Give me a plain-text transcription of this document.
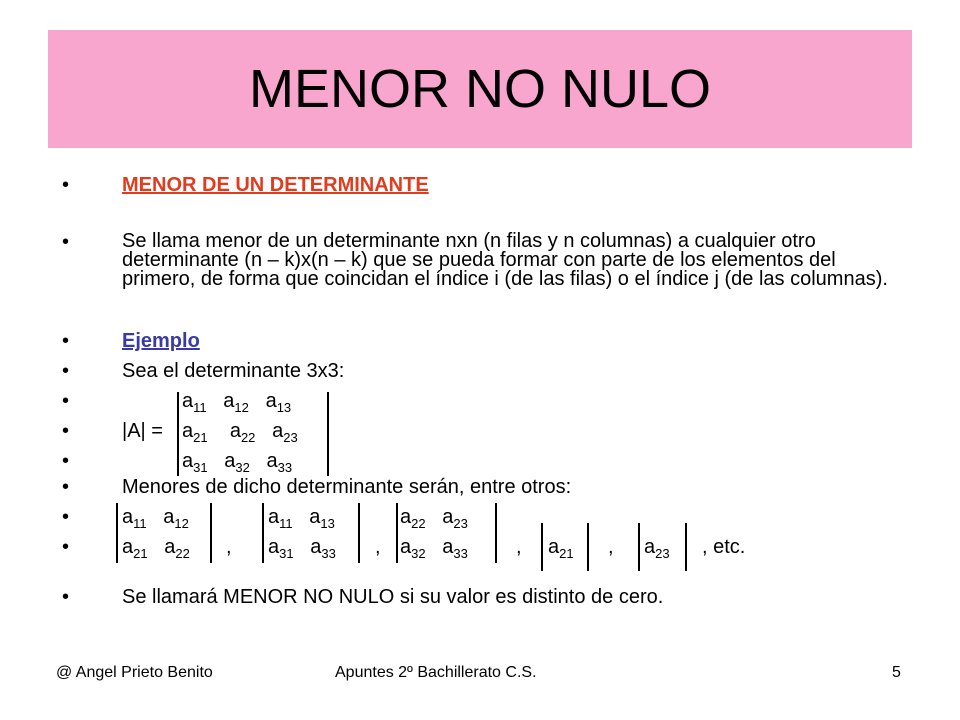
MENOR NO NULO
•	MENOR DE UN DETERMINANTE
•	Se llama menor de un determinante nxn (n filas y n columnas) a cualquier otro determinante (n – k)x(n – k) que se pueda formar con parte de los elementos del primero, de forma que coincidan el índice i (de las filas) o el índice j (de las columnas).
•	Ejemplo
•	Sea el determinante 3x3:
•
•
•
$a_{11}$ $a_{12}$ $a_{13}$
$|A| = a_{21}$ $a_{22}$ $a_{23}$
$a_{31}$ $a_{32}$ $a_{33}$
•	Menores de dicho determinante serán, entre otros:
•
•
$a_{11}$ $a_{12}$
$a_{21}$ $a_{22}$ ,
$a_{11}$ $a_{13}$
$a_{31}$ $a_{33}$ ,
$a_{22}$ $a_{23}$
$a_{32}$ $a_{33}$ , $a_{21}$ , $a_{23}$ , etc.
•	Se llamará MENOR NO NULO si su valor es distinto de cero.
@ Angel Prieto Benito	Apuntes 2º Bachillerato C.S.	5
